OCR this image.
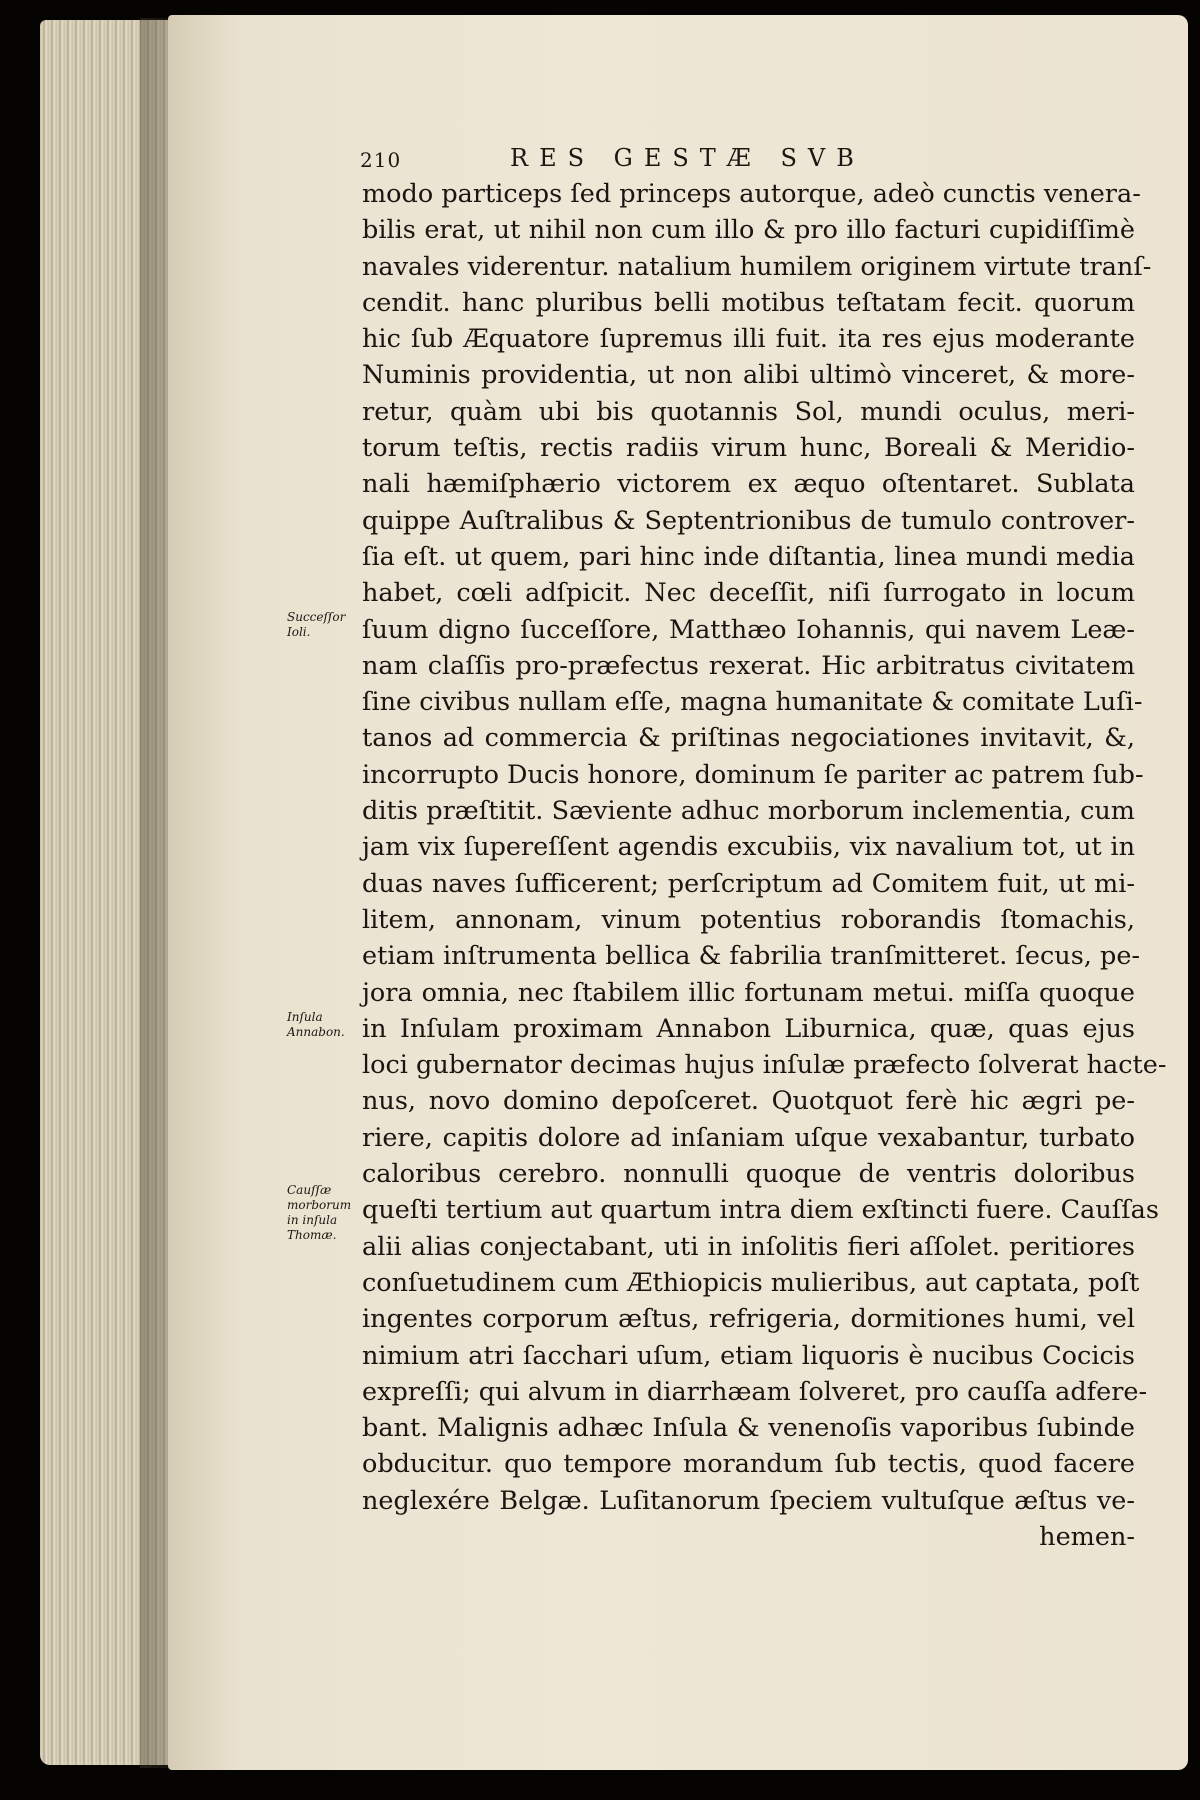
210	RES GESTÆ SVB
modo particeps ſed princeps autorque, adeò cunctis venera-
bilis erat, ut nihil non cum illo & pro illo facturi cupidiſſimè
navales viderentur. natalium humilem originem virtute tranſ-
cendit. hanc pluribus belli motibus teſtatam fecit. quorum
hic ſub Æquatore ſupremus illi fuit. ita res ejus moderante
Numinis providentia, ut non alibi ultimò vinceret, & more-
retur, quàm ubi bis quotannis Sol, mundi oculus, meri-
torum teſtis, rectis radiis virum hunc, Boreali & Meridio-
nali hæmiſphærio victorem ex æquo oſtentaret. Sublata
quippe Auſtralibus & Septentrionibus de tumulo controver-
ſia eſt. ut quem, pari hinc inde diſtantia, linea mundi media
habet, cœli adſpicit. Nec deceſſit, niſi ſurrogato in locum
ſuum digno ſucceſſore, Matthæo Iohannis, qui navem Leæ-
nam claſſis pro-præfectus rexerat. Hic arbitratus civitatem
ſine civibus nullam eſſe, magna humanitate & comitate Luſi-
tanos ad commercia & priſtinas negociationes invitavit, &,
incorrupto Ducis honore, dominum ſe pariter ac patrem ſub-
ditis præſtitit. Sæviente adhuc morborum inclementia, cum
jam vix ſupereſſent agendis excubiis, vix navalium tot, ut in
duas naves ſufficerent; perſcriptum ad Comitem fuit, ut mi-
litem, annonam, vinum potentius roborandis ſtomachis,
etiam inſtrumenta bellica & fabrilia tranſmitteret. ſecus, pe-
jora omnia, nec ſtabilem illic fortunam metui. miſſa quoque
in Inſulam proximam Annabon Liburnica, quæ, quas ejus
loci gubernator decimas hujus inſulæ præfecto ſolverat hacte-
nus, novo domino depoſceret. Quotquot ferè hic ægri pe-
riere, capitis dolore ad inſaniam uſque vexabantur, turbato
caloribus cerebro. nonnulli quoque de ventris doloribus
queſti tertium aut quartum intra diem exſtincti fuere. Cauſſas
alii alias conjectabant, uti in inſolitis fieri aſſolet. peritiores
conſuetudinem cum Æthiopicis mulieribus, aut captata, poſt
ingentes corporum æſtus, refrigeria, dormitiones humi, vel
nimium atri ſacchari uſum, etiam liquoris è nucibus Cocicis
expreſſi; qui alvum in diarrhæam ſolveret, pro cauſſa adfere-
bant. Malignis adhæc Inſula & venenoſis vaporibus ſubinde
obducitur. quo tempore morandum ſub tectis, quod facere
neglexére Belgæ. Luſitanorum ſpeciem vultuſque æſtus ve-
hemen-
Succeſſor Ioli.
Inſula Annabon.
Cauſſæ morborum in inſula Thomæ.
